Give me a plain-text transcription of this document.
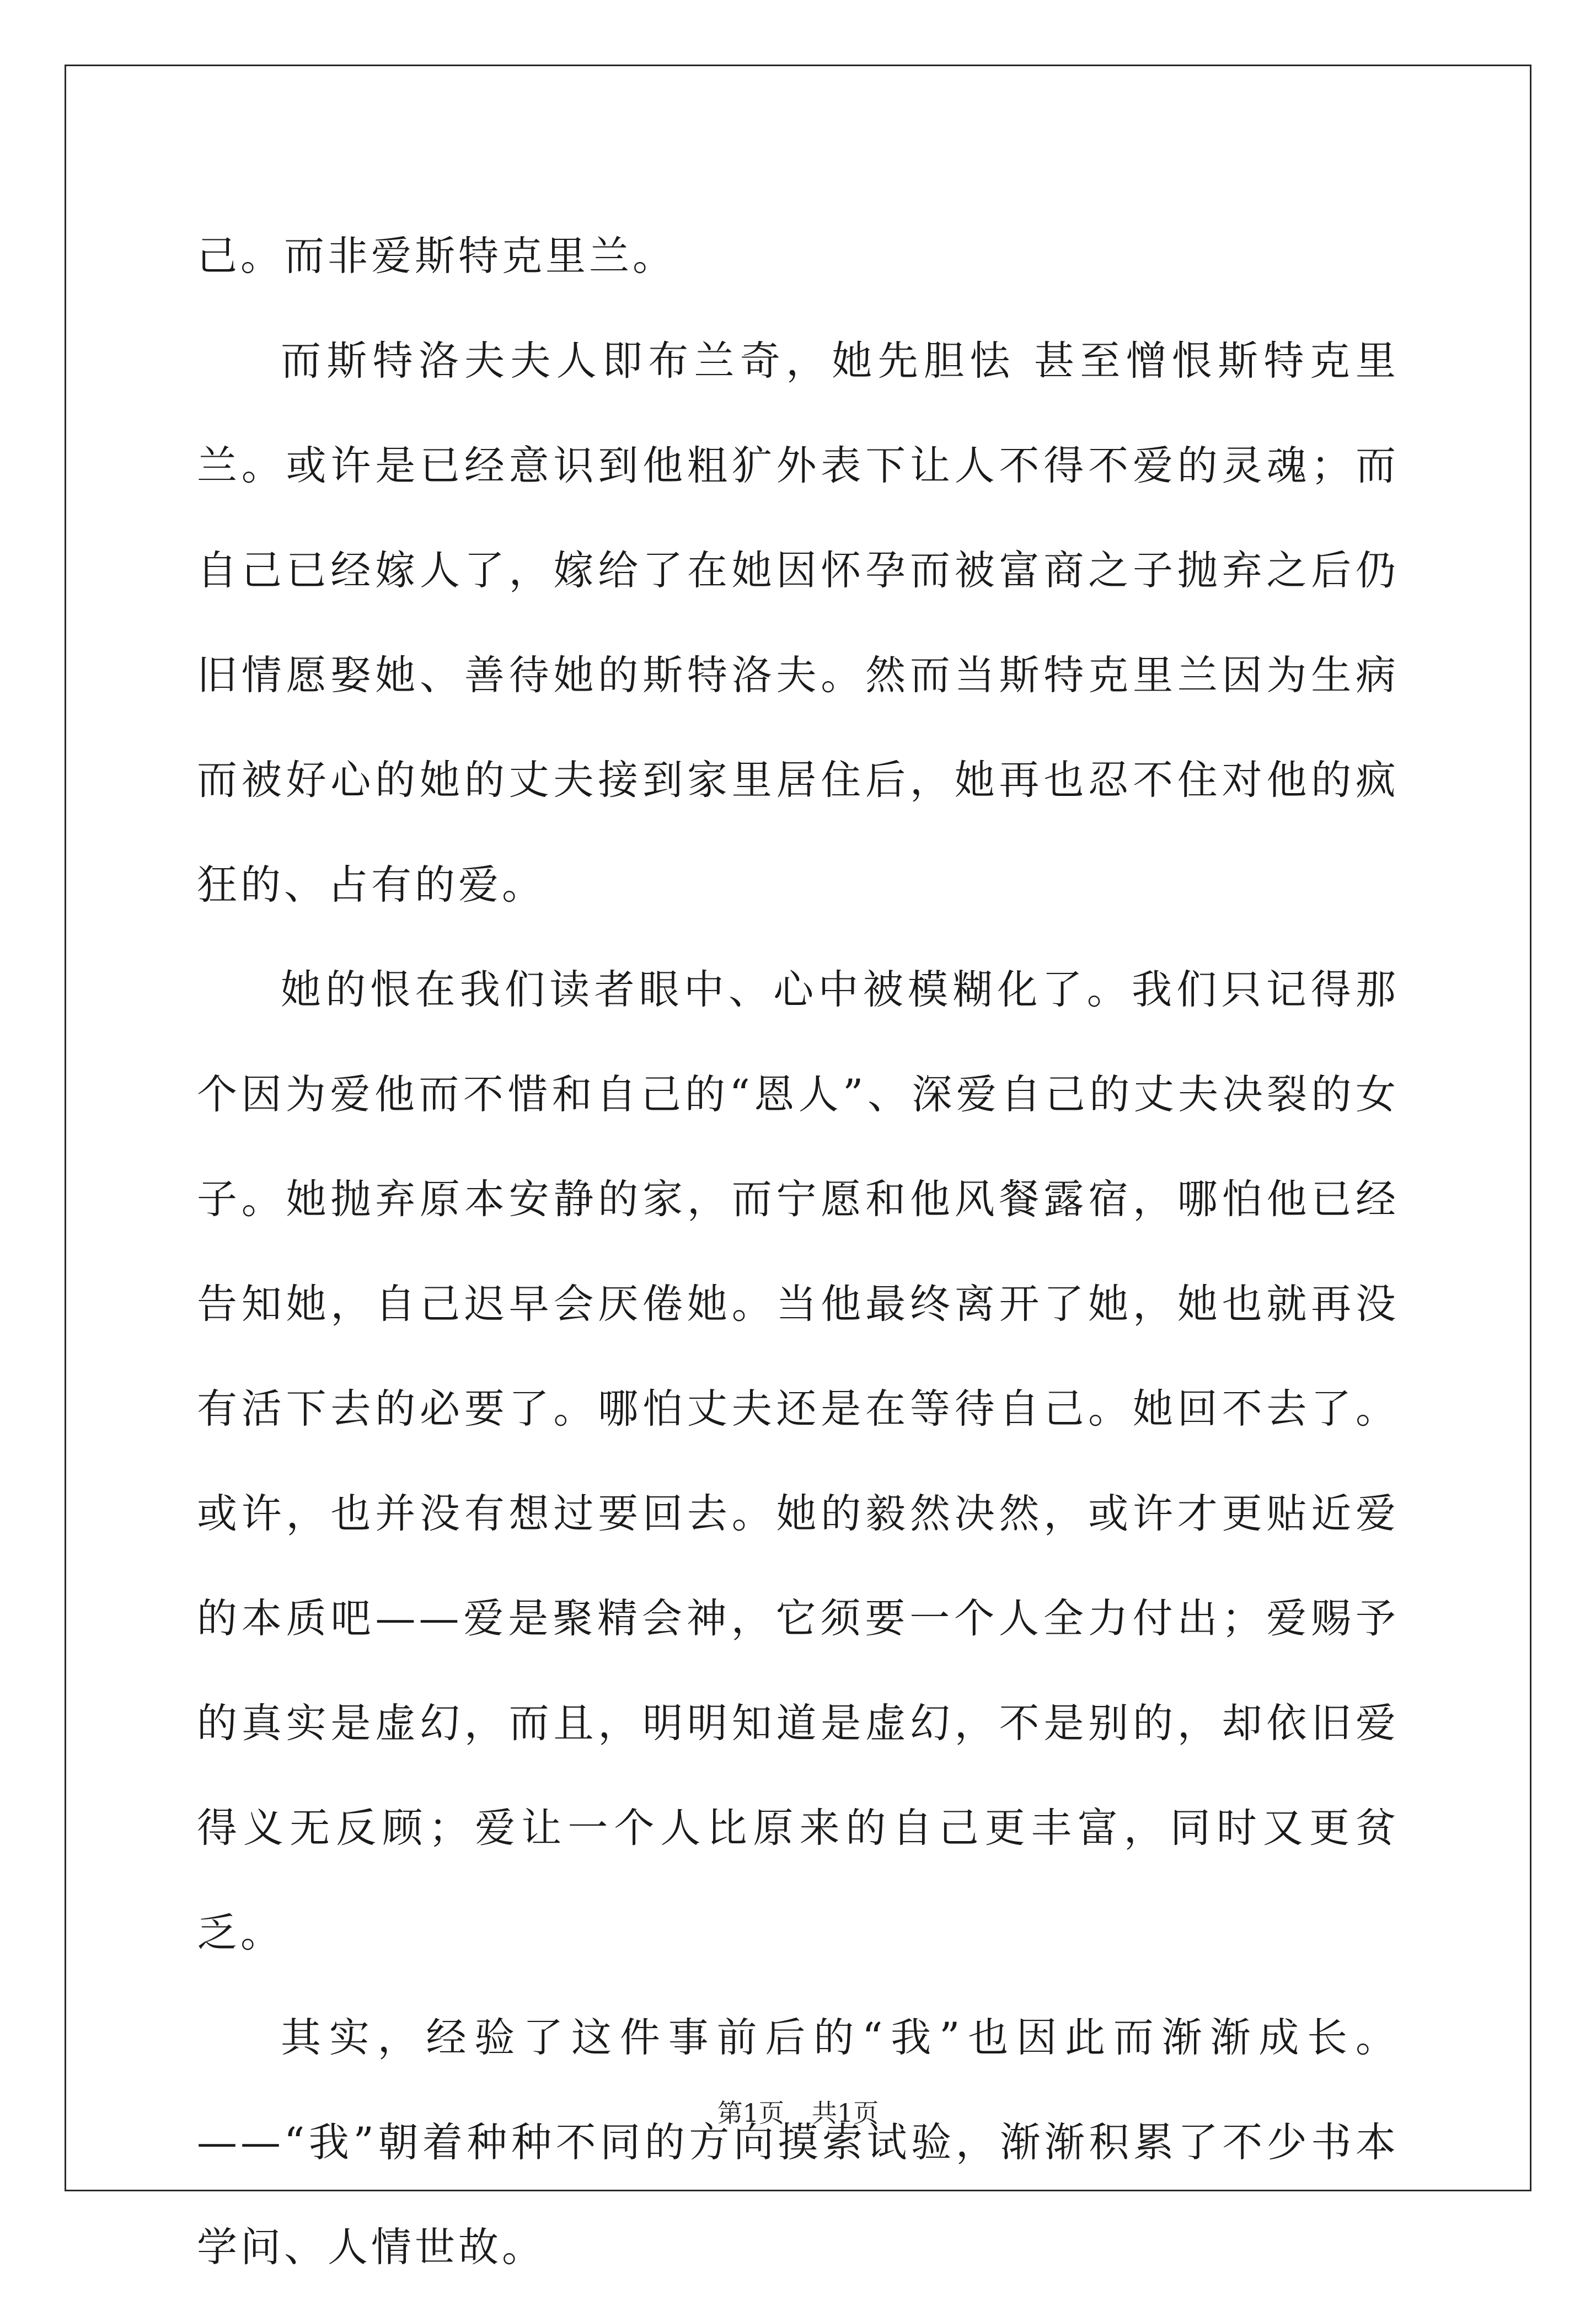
己。而非爱斯特克里兰。

而斯特洛夫夫人即布兰奇，她先胆怯 甚至憎恨斯特克里兰。或许是已经意识到他粗犷外表下让人不得不爱的灵魂；而自己已经嫁人了，嫁给了在她因怀孕而被富商之子抛弃之后仍旧情愿娶她、善待她的斯特洛夫。然而当斯特克里兰因为生病而被好心的她的丈夫接到家里居住后，她再也忍不住对他的疯狂的、占有的爱。

她的恨在我们读者眼中、心中被模糊化了。我们只记得那个因为爱他而不惜和自己的“恩人”、深爱自己的丈夫决裂的女子。她抛弃原本安静的家，而宁愿和他风餐露宿，哪怕他已经告知她，自己迟早会厌倦她。当他最终离开了她，她也就再没有活下去的必要了。哪怕丈夫还是在等待自己。她回不去了。或许，也并没有想过要回去。她的毅然决然，或许才更贴近爱的本质吧——爱是聚精会神，它须要一个人全力付出；爱赐予的真实是虚幻，而且，明明知道是虚幻，不是别的，却依旧爱得义无反顾；爱让一个人比原来的自己更丰富，同时又更贫乏。

其实，经验了这件事前后的“我”也因此而渐渐成长。——“我”朝着种种不同的方向摸索试验，渐渐积累了不少书本学问、人情世故。

第1页 共1页
